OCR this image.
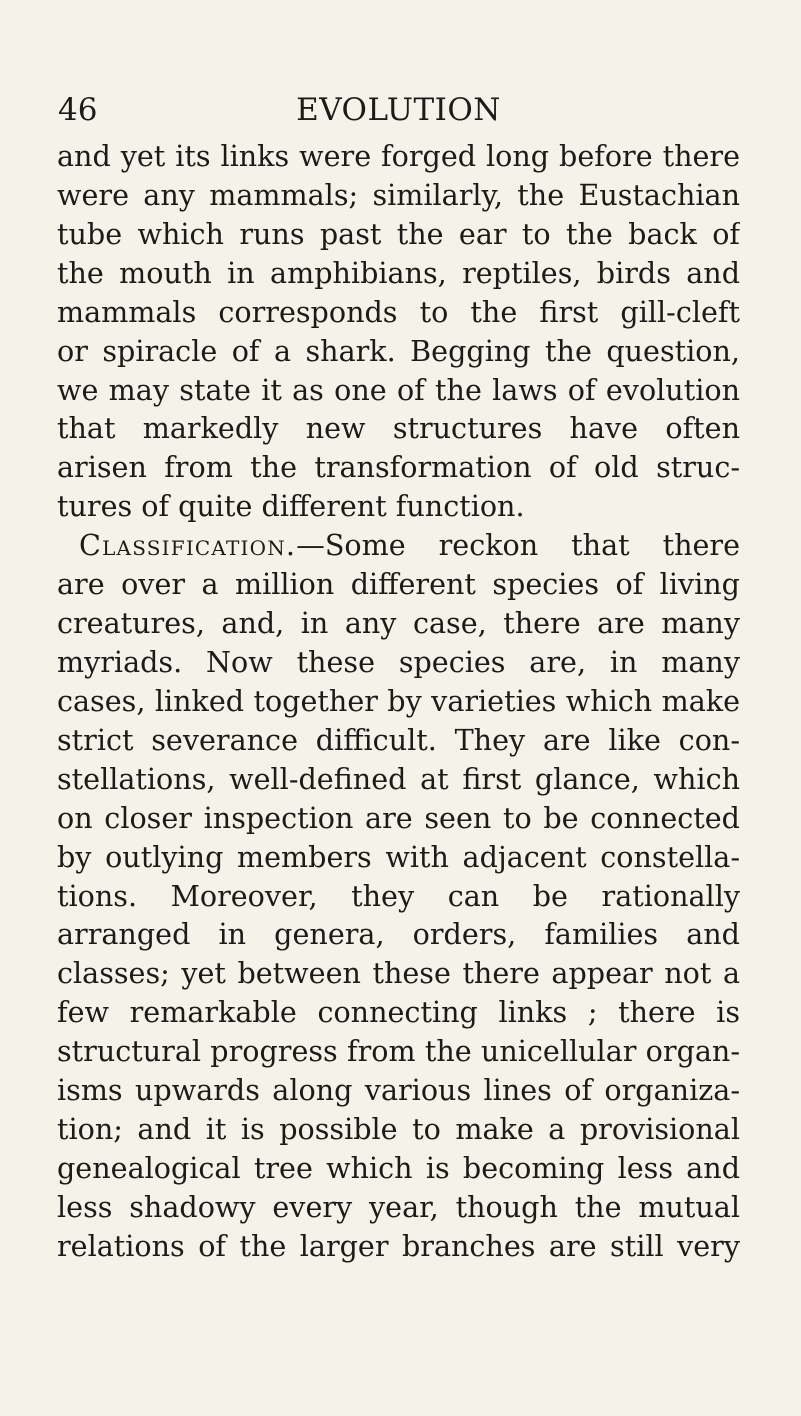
46	EVOLUTION
and yet its links were forged long before there
were any mammals; similarly, the Eustachian
tube which runs past the ear to the back of
the mouth in amphibians, reptiles, birds and
mammals corresponds to the first gill-cleft
or spiracle of a shark. Begging the question,
we may state it as one of the laws of evolution
that markedly new structures have often
arisen from the transformation of old struc-
tures of quite different function.
Classification.—Some reckon that there
are over a million different species of living
creatures, and, in any case, there are many
myriads. Now these species are, in many
cases, linked together by varieties which make
strict severance difficult. They are like con-
stellations, well-defined at first glance, which
on closer inspection are seen to be connected
by outlying members with adjacent constella-
tions. Moreover, they can be rationally
arranged in genera, orders, families and
classes; yet between these there appear not a
few remarkable connecting links ; there is
structural progress from the unicellular organ-
isms upwards along various lines of organiza-
tion; and it is possible to make a provisional
genealogical tree which is becoming less and
less shadowy every year, though the mutual
relations of the larger branches are still very
